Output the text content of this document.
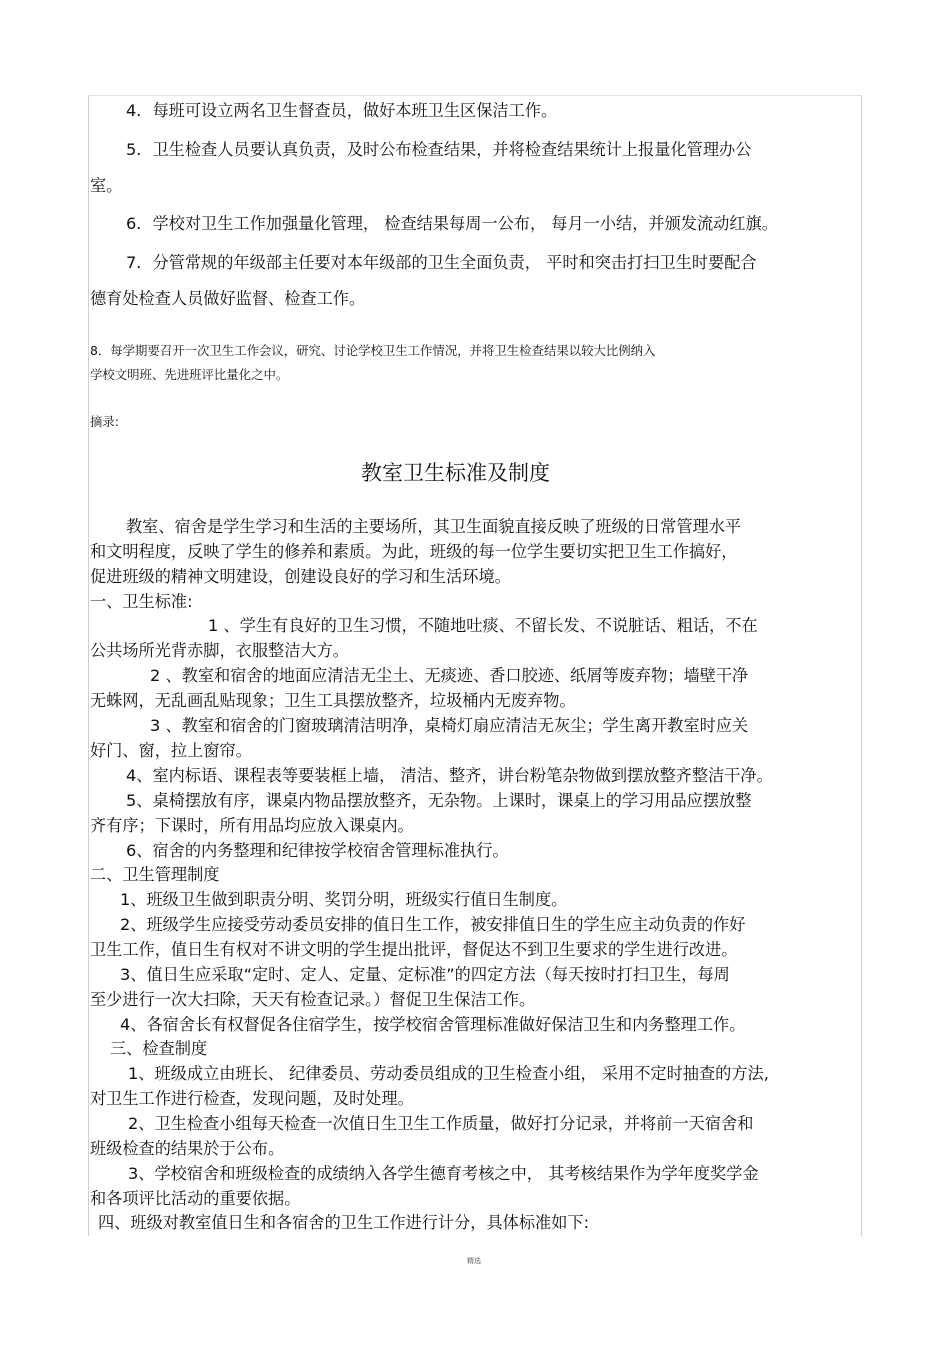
4．每班可设立两名卫生督查员，做好本班卫生区保洁工作。
5．卫生检查人员要认真负责，及时公布检查结果，并将检查结果统计上报量化管理办公
室。
6．学校对卫生工作加强量化管理， 检查结果每周一公布， 每月一小结，并颁发流动红旗。
7．分管常规的年级部主任要对本年级部的卫生全面负责， 平时和突击打扫卫生时要配合
德育处检查人员做好监督、检查工作。
8．每学期要召开一次卫生工作会议，研究、讨论学校卫生工作情况，并将卫生检查结果以较大比例纳入
学校文明班、先进班评比量化之中。
摘录:
教室卫生标准及制度
教室、宿舍是学生学习和生活的主要场所，其卫生面貌直接反映了班级的日常管理水平
和文明程度，反映了学生的修养和素质。为此，班级的每一位学生要切实把卫生工作搞好，
促进班级的精神文明建设，创建设良好的学习和生活环境。
一、卫生标准:
1 、学生有良好的卫生习惯，不随地吐痰、不留长发、不说脏话、粗话，不在
公共场所光背赤脚，衣服整洁大方。
2 、教室和宿舍的地面应清洁无尘土、无痰迹、香口胶迹、纸屑等废弃物；墙壁干净
无蛛网，无乱画乱贴现象；卫生工具摆放整齐，垃圾桶内无废弃物。
3 、教室和宿舍的门窗玻璃清洁明净，桌椅灯扇应清洁无灰尘；学生离开教室时应关
好门、窗，拉上窗帘。
4、室内标语、课程表等要装框上墙， 清洁、整齐，讲台粉笔杂物做到摆放整齐整洁干净。
5、桌椅摆放有序，课桌内物品摆放整齐，无杂物。上课时，课桌上的学习用品应摆放整
齐有序；下课时，所有用品均应放入课桌内。
6、宿舍的内务整理和纪律按学校宿舍管理标准执行。
二、卫生管理制度
1、班级卫生做到职责分明、奖罚分明，班级实行值日生制度。
2、班级学生应接受劳动委员安排的值日生工作，被安排值日生的学生应主动负责的作好
卫生工作，值日生有权对不讲文明的学生提出批评，督促达不到卫生要求的学生进行改进。
3、值日生应采取“定时、定人、定量、定标准”的四定方法（每天按时打扫卫生，每周
至少进行一次大扫除，天天有检查记录。）督促卫生保洁工作。
4、各宿舍长有权督促各住宿学生，按学校宿舍管理标准做好保洁卫生和内务整理工作。
三、检查制度
1、班级成立由班长、 纪律委员、劳动委员组成的卫生检查小组， 采用不定时抽查的方法,
对卫生工作进行检查，发现问题，及时处理。
2、卫生检查小组每天检查一次值日生卫生工作质量，做好打分记录，并将前一天宿舍和
班级检查的结果於于公布。
3、学校宿舍和班级检查的成绩纳入各学生德育考核之中， 其考核结果作为学年度奖学金
和各项评比活动的重要依据。
四、班级对教室值日生和各宿舍的卫生工作进行计分，具体标准如下:
精选
